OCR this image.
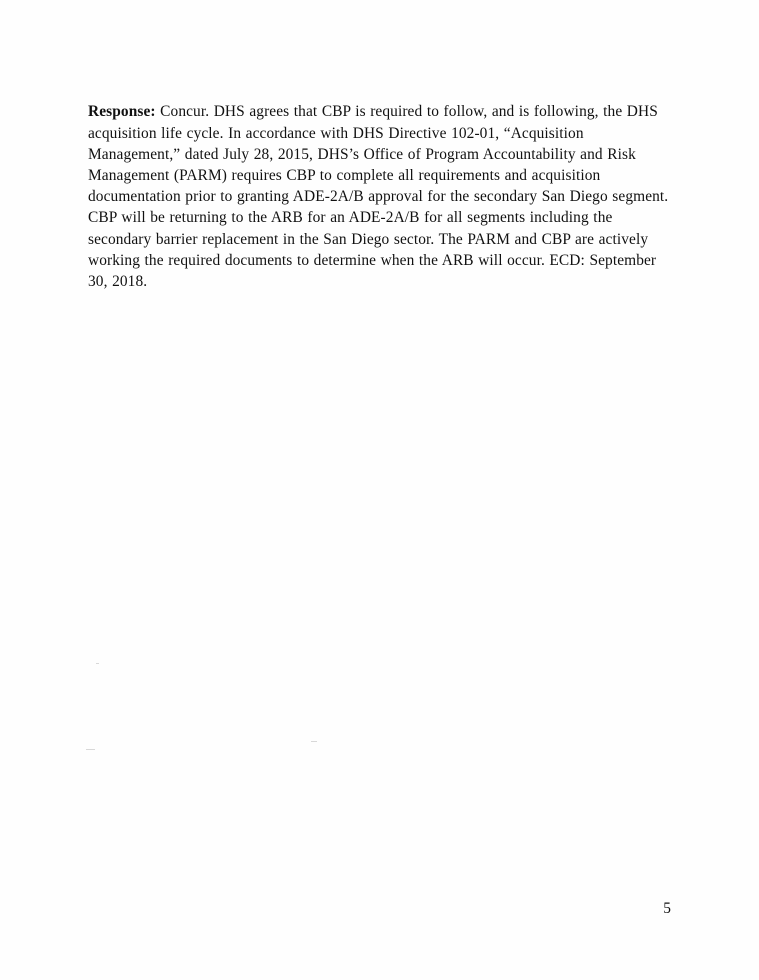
Response: Concur. DHS agrees that CBP is required to follow, and is following, the DHS acquisition life cycle. In accordance with DHS Directive 102-01, “Acquisition Management,” dated July 28, 2015, DHS’s Office of Program Accountability and Risk Management (PARM) requires CBP to complete all requirements and acquisition documentation prior to granting ADE-2A/B approval for the secondary San Diego segment. CBP will be returning to the ARB for an ADE-2A/B for all segments including the secondary barrier replacement in the San Diego sector. The PARM and CBP are actively working the required documents to determine when the ARB will occur. ECD: September 30, 2018.

5
